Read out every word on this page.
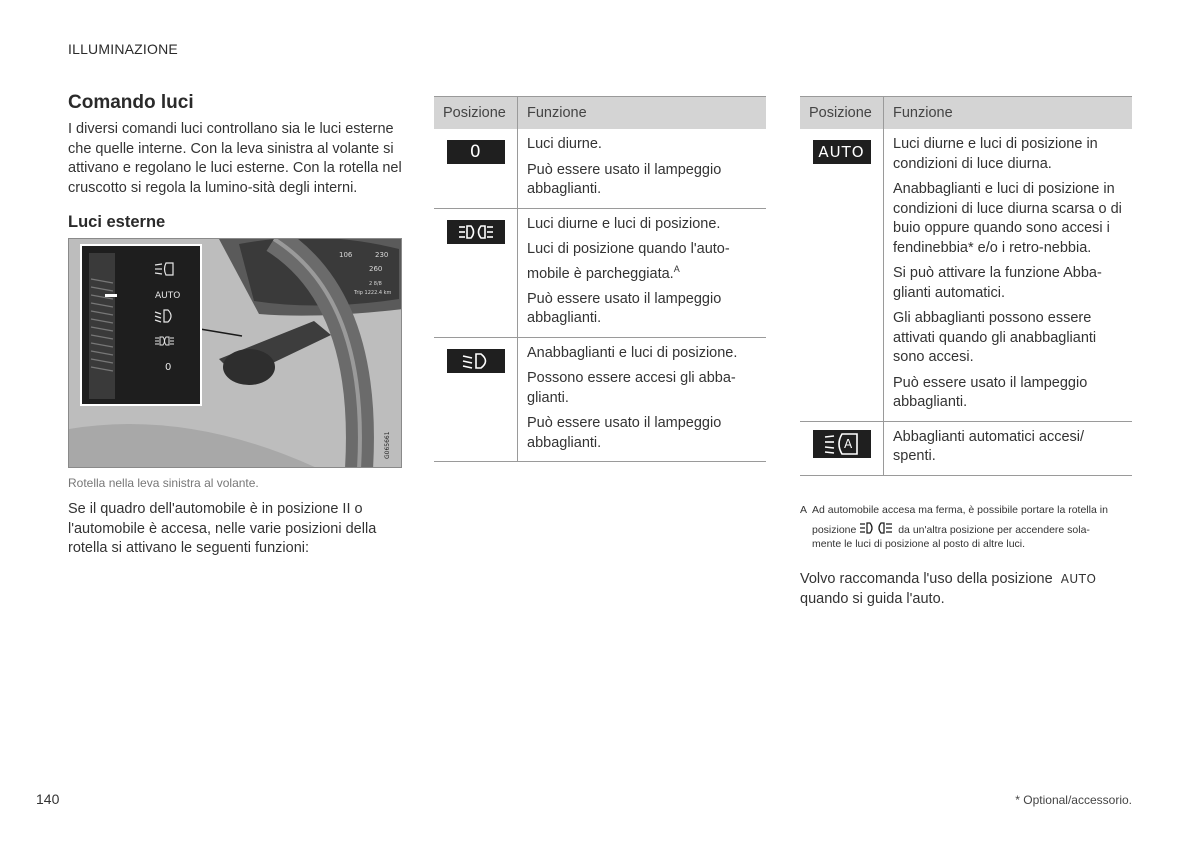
ILLUMINAZIONE
Comando luci
I diversi comandi luci controllano sia le luci esterne che quelle interne. Con la leva sinistra al volante si attivano e regolano le luci esterne. Con la rotella nel cruscotto si regola la lumino-sità degli interni.
Luci esterne
20	106	230
0	260
2 8/8
Trip 1222.4 km
AUTO
0
G065661
Rotella nella leva sinistra al volante.
Se il quadro dell'automobile è in posizione II o l'automobile è accesa, nelle varie posizioni della rotella si attivano le seguenti funzioni:
Posizione	Funzione
0	Luci diurne.
Può essere usato il lampeggio abbaglianti.
Luci diurne e luci di posizione.
Luci di posizione quando l'auto-mobile è parcheggiata.$^A$
Può essere usato il lampeggio abbaglianti.
Anabbaglianti e luci di posizione.
Possono essere accesi gli abba-glianti.
Può essere usato il lampeggio abbaglianti.
Posizione	Funzione
AUTO	Luci diurne e luci di posizione in condizioni di luce diurna.
Anabbaglianti e luci di posizione in condizioni di luce diurna scarsa o di buio oppure quando sono accesi i fendinebbia* e/o i retro-nebbia.
Si può attivare la funzione Abba-glianti automatici.
Gli abbaglianti possono essere attivati quando gli anabbaglianti sono accesi.
Può essere usato il lampeggio abbaglianti.
A	Abbaglianti automatici accesi/ spenti.
A Ad automobile accesa ma ferma, è possibile portare la rotella in
posizione	da un'altra posizione per accendere sola-
mente le luci di posizione al posto di altre luci.
Volvo raccomanda l'uso della posizione AUTO
quando si guida l'auto.
140	* Optional/accessorio.
